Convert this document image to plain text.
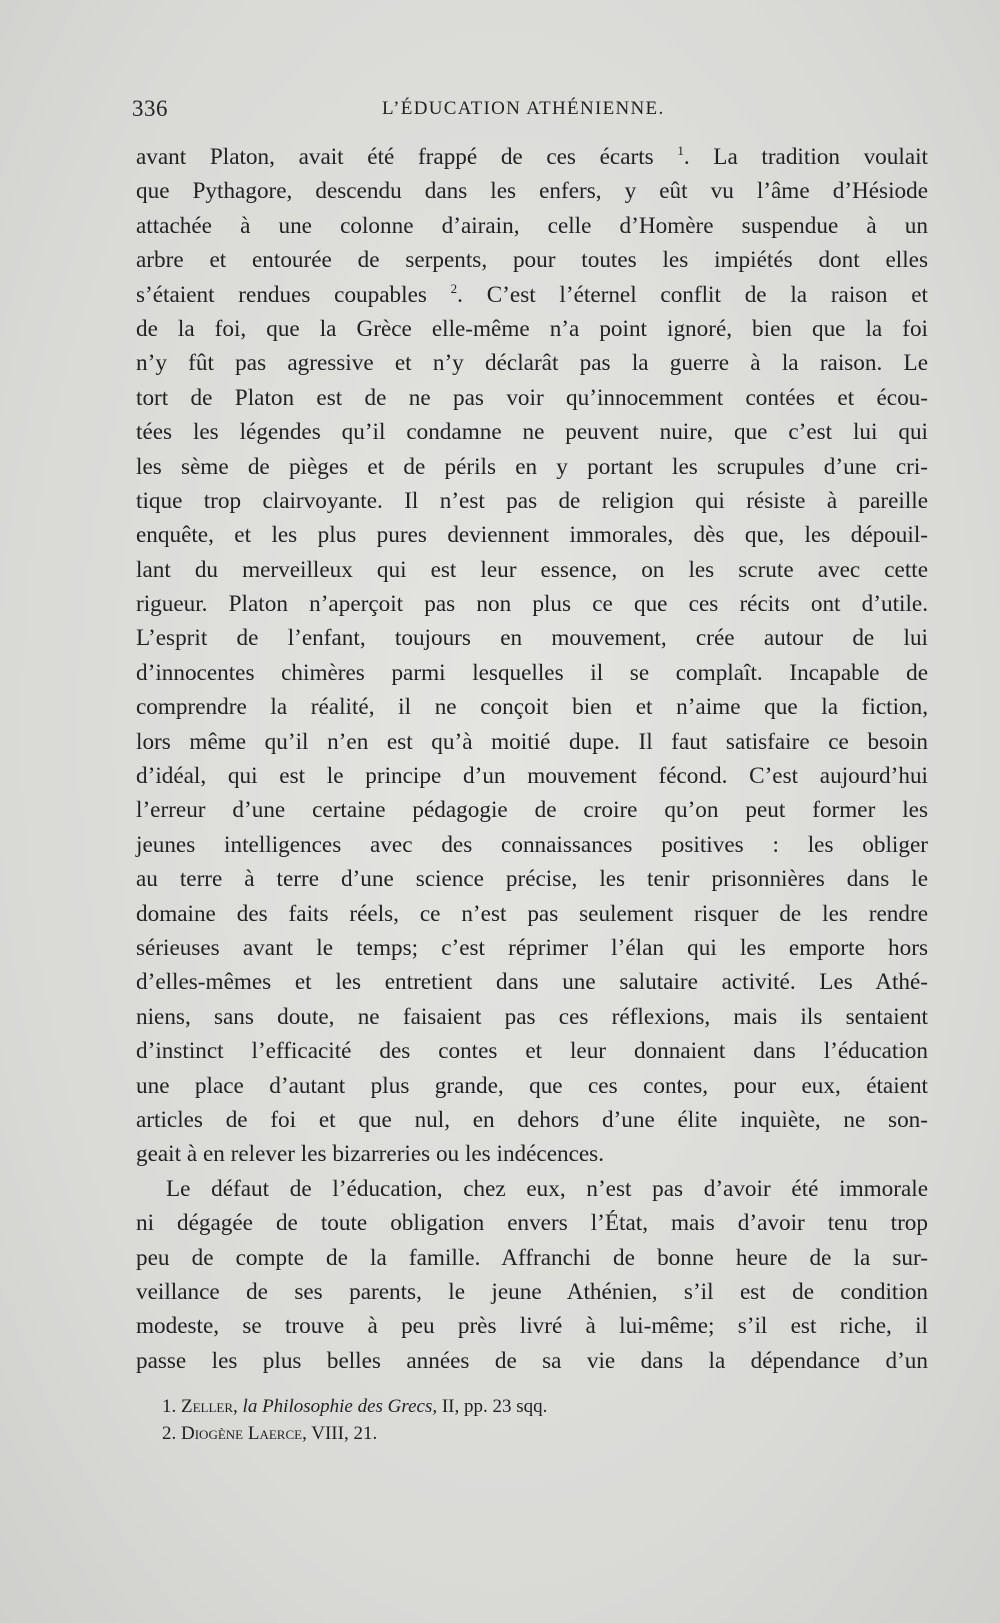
336	L’ÉDUCATION ATHÉNIENNE.
avant Platon, avait été frappé de ces écarts $^1$. La tradition voulait
que Pythagore, descendu dans les enfers, y eût vu l’âme d’Hésiode
attachée à une colonne d’airain, celle d’Homère suspendue à un
arbre et entourée de serpents, pour toutes les impiétés dont elles
s’étaient rendues coupables $^2$. C’est l’éternel conflit de la raison et
de la foi, que la Grèce elle-même n’a point ignoré, bien que la foi
n’y fût pas agressive et n’y déclarât pas la guerre à la raison. Le
tort de Platon est de ne pas voir qu’innocemment contées et écou-
tées les légendes qu’il condamne ne peuvent nuire, que c’est lui qui
les sème de pièges et de périls en y portant les scrupules d’une cri-
tique trop clairvoyante. Il n’est pas de religion qui résiste à pareille
enquête, et les plus pures deviennent immorales, dès que, les dépouil-
lant du merveilleux qui est leur essence, on les scrute avec cette
rigueur. Platon n’aperçoit pas non plus ce que ces récits ont d’utile.
L’esprit de l’enfant, toujours en mouvement, crée autour de lui
d’innocentes chimères parmi lesquelles il se complaît. Incapable de
comprendre la réalité, il ne conçoit bien et n’aime que la fiction,
lors même qu’il n’en est qu’à moitié dupe. Il faut satisfaire ce besoin
d’idéal, qui est le principe d’un mouvement fécond. C’est aujourd’hui
l’erreur d’une certaine pédagogie de croire qu’on peut former les
jeunes intelligences avec des connaissances positives : les obliger
au terre à terre d’une science précise, les tenir prisonnières dans le
domaine des faits réels, ce n’est pas seulement risquer de les rendre
sérieuses avant le temps; c’est réprimer l’élan qui les emporte hors
d’elles-mêmes et les entretient dans une salutaire activité. Les Athé-
niens, sans doute, ne faisaient pas ces réflexions, mais ils sentaient
d’instinct l’efficacité des contes et leur donnaient dans l’éducation
une place d’autant plus grande, que ces contes, pour eux, étaient
articles de foi et que nul, en dehors d’une élite inquiète, ne son-
geait à en relever les bizarreries ou les indécences.
Le défaut de l’éducation, chez eux, n’est pas d’avoir été immorale
ni dégagée de toute obligation envers l’État, mais d’avoir tenu trop
peu de compte de la famille. Affranchi de bonne heure de la sur-
veillance de ses parents, le jeune Athénien, s’il est de condition
modeste, se trouve à peu près livré à lui-même; s’il est riche, il
passe les plus belles années de sa vie dans la dépendance d’un
1. Zeller, la Philosophie des Grecs, II, pp. 23 sqq.
2. Diogène Laerce, VIII, 21.
